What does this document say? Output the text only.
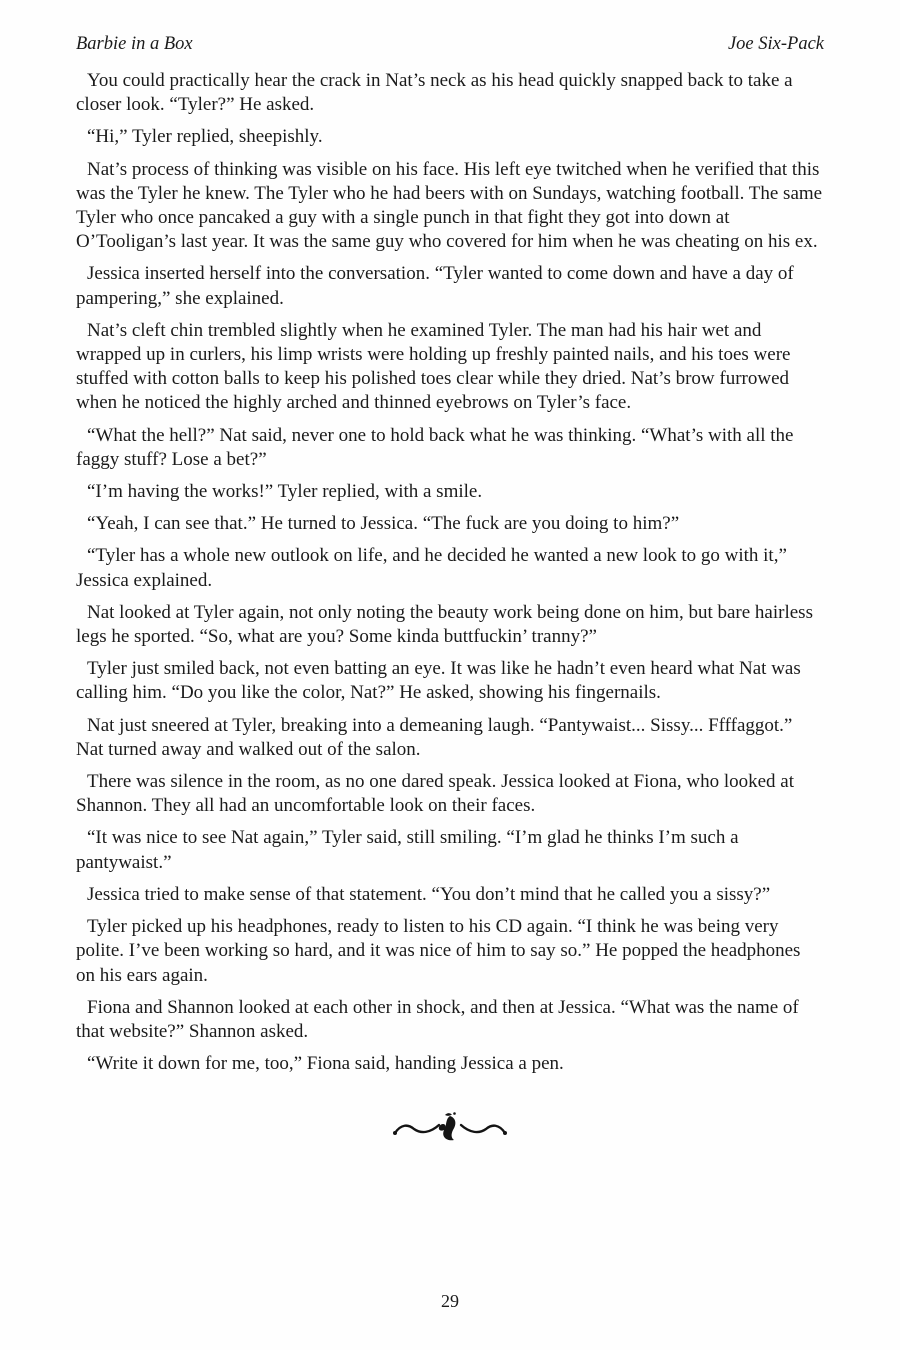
Barbie in a Box	Joe Six-Pack

You could practically hear the crack in Nat’s neck as his head quickly snapped back to take a closer look. “Tyler?” He asked.

“Hi,” Tyler replied, sheepishly.

Nat’s process of thinking was visible on his face. His left eye twitched when he verified that this was the Tyler he knew. The Tyler who he had beers with on Sundays, watching football. The same Tyler who once pancaked a guy with a single punch in that fight they got into down at O’Tooligan’s last year. It was the same guy who covered for him when he was cheating on his ex.

Jessica inserted herself into the conversation. “Tyler wanted to come down and have a day of pampering,” she explained.

Nat’s cleft chin trembled slightly when he examined Tyler. The man had his hair wet and wrapped up in curlers, his limp wrists were holding up freshly painted nails, and his toes were stuffed with cotton balls to keep his polished toes clear while they dried. Nat’s brow furrowed when he noticed the highly arched and thinned eyebrows on Tyler’s face.

“What the hell?” Nat said, never one to hold back what he was thinking. “What’s with all the faggy stuff? Lose a bet?”

“I’m having the works!” Tyler replied, with a smile.

“Yeah, I can see that.” He turned to Jessica. “The fuck are you doing to him?”

“Tyler has a whole new outlook on life, and he decided he wanted a new look to go with it,” Jessica explained.

Nat looked at Tyler again, not only noting the beauty work being done on him, but bare hairless legs he sported. “So, what are you? Some kinda buttfuckin’ tranny?”

Tyler just smiled back, not even batting an eye. It was like he hadn’t even heard what Nat was calling him. “Do you like the color, Nat?” He asked, showing his fingernails.

Nat just sneered at Tyler, breaking into a demeaning laugh. “Pantywaist... Sissy... Ffffaggot.” Nat turned away and walked out of the salon.

There was silence in the room, as no one dared speak. Jessica looked at Fiona, who looked at Shannon. They all had an uncomfortable look on their faces.

“It was nice to see Nat again,” Tyler said, still smiling. “I’m glad he thinks I’m such a pantywaist.”

Jessica tried to make sense of that statement. “You don’t mind that he called you a sissy?”

Tyler picked up his headphones, ready to listen to his CD again. “I think he was being very polite. I’ve been working so hard, and it was nice of him to say so.” He popped the headphones on his ears again.

Fiona and Shannon looked at each other in shock, and then at Jessica. “What was the name of that website?” Shannon asked.

“Write it down for me, too,” Fiona said, handing Jessica a pen.

29
